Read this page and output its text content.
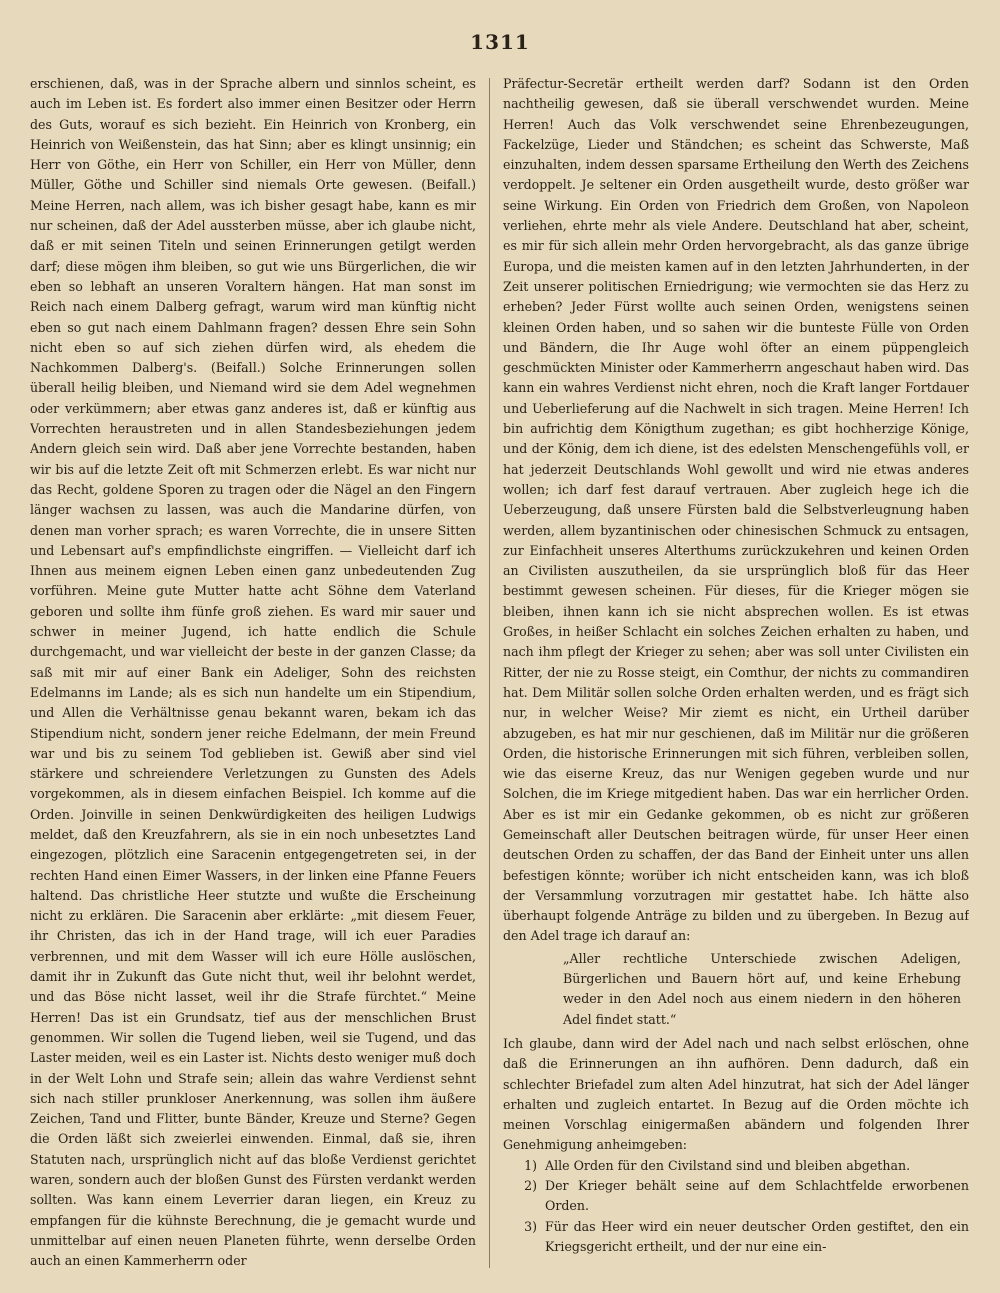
1311

erschienen, daß, was in der Sprache albern und sinnlos scheint, es auch im Leben ist. Es fordert also immer einen Besitzer oder Herrn des Guts, worauf es sich bezieht. Ein Heinrich von Kronberg, ein Heinrich von Weißenstein, das hat Sinn; aber es klingt unsinnig; ein Herr von Göthe, ein Herr von Schiller, ein Herr von Müller, denn Müller, Göthe und Schiller sind niemals Orte gewesen. (Beifall.) Meine Herren, nach allem, was ich bisher gesagt habe, kann es mir nur scheinen, daß der Adel aussterben müsse, aber ich glaube nicht, daß er mit seinen Titeln und seinen Erinnerungen getilgt werden darf; diese mögen ihm bleiben, so gut wie uns Bürgerlichen, die wir eben so lebhaft an unseren Voraltern hängen. Hat man sonst im Reich nach einem Dalberg gefragt, warum wird man künftig nicht eben so gut nach einem Dahlmann fragen? dessen Ehre sein Sohn nicht eben so auf sich ziehen dürfen wird, als ehedem die Nachkommen Dalberg's. (Beifall.) Solche Erinnerungen sollen überall heilig bleiben, und Niemand wird sie dem Adel wegnehmen oder verkümmern; aber etwas ganz anderes ist, daß er künftig aus Vorrechten heraustreten und in allen Standesbeziehungen jedem Andern gleich sein wird. Daß aber jene Vorrechte bestanden, haben wir bis auf die letzte Zeit oft mit Schmerzen erlebt. Es war nicht nur das Recht, goldene Sporen zu tragen oder die Nägel an den Fingern länger wachsen zu lassen, was auch die Mandarine dürfen, von denen man vorher sprach; es waren Vorrechte, die in unsere Sitten und Lebensart auf's empfindlichste eingriffen. — Vielleicht darf ich Ihnen aus meinem eignen Leben einen ganz unbedeutenden Zug vorführen. Meine gute Mutter hatte acht Söhne dem Vaterland geboren und sollte ihm fünfe groß ziehen. Es ward mir sauer und schwer in meiner Jugend, ich hatte endlich die Schule durchgemacht, und war vielleicht der beste in der ganzen Classe; da saß mit mir auf einer Bank ein Adeliger, Sohn des reichsten Edelmanns im Lande; als es sich nun handelte um ein Stipendium, und Allen die Verhältnisse genau bekannt waren, bekam ich das Stipendium nicht, sondern jener reiche Edelmann, der mein Freund war und bis zu seinem Tod geblieben ist. Gewiß aber sind viel stärkere und schreiendere Verletzungen zu Gunsten des Adels vorgekommen, als in diesem einfachen Beispiel. Ich komme auf die Orden. Joinville in seinen Denkwürdigkeiten des heiligen Ludwigs meldet, daß den Kreuzfahrern, als sie in ein noch unbesetztes Land eingezogen, plötzlich eine Saracenin entgegengetreten sei, in der rechten Hand einen Eimer Wassers, in der linken eine Pfanne Feuers haltend. Das christliche Heer stutzte und wußte die Erscheinung nicht zu erklären. Die Saracenin aber erklärte: „mit diesem Feuer, ihr Christen, das ich in der Hand trage, will ich euer Paradies verbrennen, und mit dem Wasser will ich eure Hölle auslöschen, damit ihr in Zukunft das Gute nicht thut, weil ihr belohnt werdet, und das Böse nicht lasset, weil ihr die Strafe fürchtet.“ Meine Herren! Das ist ein Grundsatz, tief aus der menschlichen Brust genommen. Wir sollen die Tugend lieben, weil sie Tugend, und das Laster meiden, weil es ein Laster ist. Nichts desto weniger muß doch in der Welt Lohn und Strafe sein; allein das wahre Verdienst sehnt sich nach stiller prunkloser Anerkennung, was sollen ihm äußere Zeichen, Tand und Flitter, bunte Bänder, Kreuze und Sterne? Gegen die Orden läßt sich zweierlei einwenden. Einmal, daß sie, ihren Statuten nach, ursprünglich nicht auf das bloße Verdienst gerichtet waren, sondern auch der bloßen Gunst des Fürsten verdankt werden sollten. Was kann einem Leverrier daran liegen, ein Kreuz zu empfangen für die kühnste Berechnung, die je gemacht wurde und unmittelbar auf einen neuen Planeten führte, wenn derselbe Orden auch an einen Kammerherrn oder

Präfectur-Secretär ertheilt werden darf? Sodann ist den Orden nachtheilig gewesen, daß sie überall verschwendet wurden. Meine Herren! Auch das Volk verschwendet seine Ehrenbezeugungen, Fackelzüge, Lieder und Ständchen; es scheint das Schwerste, Maß einzuhalten, indem dessen sparsame Ertheilung den Werth des Zeichens verdoppelt. Je seltener ein Orden ausgetheilt wurde, desto größer war seine Wirkung. Ein Orden von Friedrich dem Großen, von Napoleon verliehen, ehrte mehr als viele Andere. Deutschland hat aber, scheint, es mir für sich allein mehr Orden hervorgebracht, als das ganze übrige Europa, und die meisten kamen auf in den letzten Jahrhunderten, in der Zeit unserer politischen Erniedrigung; wie vermochten sie das Herz zu erheben? Jeder Fürst wollte auch seinen Orden, wenigstens seinen kleinen Orden haben, und so sahen wir die bunteste Fülle von Orden und Bändern, die Ihr Auge wohl öfter an einem püppengleich geschmückten Minister oder Kammerherrn angeschaut haben wird. Das kann ein wahres Verdienst nicht ehren, noch die Kraft langer Fortdauer und Ueberlieferung auf die Nachwelt in sich tragen. Meine Herren! Ich bin aufrichtig dem Königthum zugethan; es gibt hochherzige Könige, und der König, dem ich diene, ist des edelsten Menschengefühls voll, er hat jederzeit Deutschlands Wohl gewollt und wird nie etwas anderes wollen; ich darf fest darauf vertrauen. Aber zugleich hege ich die Ueberzeugung, daß unsere Fürsten bald die Selbstverleugnung haben werden, allem byzantinischen oder chinesischen Schmuck zu entsagen, zur Einfachheit unseres Alterthums zurückzukehren und keinen Orden an Civilisten auszutheilen, da sie ursprünglich bloß für das Heer bestimmt gewesen scheinen. Für dieses, für die Krieger mögen sie bleiben, ihnen kann ich sie nicht absprechen wollen. Es ist etwas Großes, in heißer Schlacht ein solches Zeichen erhalten zu haben, und nach ihm pflegt der Krieger zu sehen; aber was soll unter Civilisten ein Ritter, der nie zu Rosse steigt, ein Comthur, der nichts zu commandiren hat. Dem Militär sollen solche Orden erhalten werden, und es frägt sich nur, in welcher Weise? Mir ziemt es nicht, ein Urtheil darüber abzugeben, es hat mir nur geschienen, daß im Militär nur die größeren Orden, die historische Erinnerungen mit sich führen, verbleiben sollen, wie das eiserne Kreuz, das nur Wenigen gegeben wurde und nur Solchen, die im Kriege mitgedient haben. Das war ein herrlicher Orden. Aber es ist mir ein Gedanke gekommen, ob es nicht zur größeren Gemeinschaft aller Deutschen beitragen würde, für unser Heer einen deutschen Orden zu schaffen, der das Band der Einheit unter uns allen befestigen könnte; worüber ich nicht entscheiden kann, was ich bloß der Versammlung vorzutragen mir gestattet habe. Ich hätte also überhaupt folgende Anträge zu bilden und zu übergeben. In Bezug auf den Adel trage ich darauf an:

„Aller rechtliche Unterschiede zwischen Adeligen, Bürgerlichen und Bauern hört auf, und keine Erhebung weder in den Adel noch aus einem niedern in den höheren Adel findet statt.“

Ich glaube, dann wird der Adel nach und nach selbst erlöschen, ohne daß die Erinnerungen an ihn aufhören. Denn dadurch, daß ein schlechter Briefadel zum alten Adel hinzutrat, hat sich der Adel länger erhalten und zugleich entartet. In Bezug auf die Orden möchte ich meinen Vorschlag einigermaßen abändern und folgenden Ihrer Genehmigung anheimgeben:

1) Alle Orden für den Civilstand sind und bleiben abgethan.
2) Der Krieger behält seine auf dem Schlachtfelde erworbenen Orden.
3) Für das Heer wird ein neuer deutscher Orden gestiftet, den ein Kriegsgericht ertheilt, und der nur eine ein-
